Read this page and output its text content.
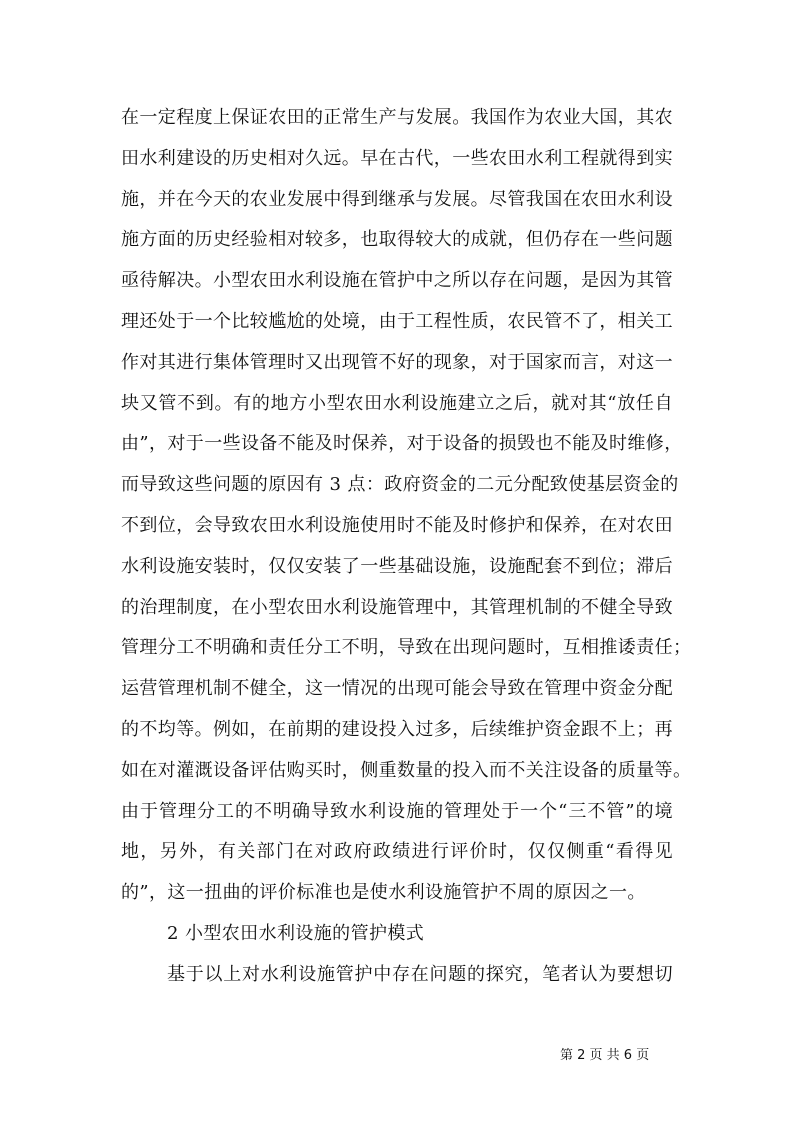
在一定程度上保证农田的正常生产与发展。我国作为农业大国，其农
田水利建设的历史相对久远。早在古代，一些农田水利工程就得到实
施，并在今天的农业发展中得到继承与发展。尽管我国在农田水利设
施方面的历史经验相对较多，也取得较大的成就，但仍存在一些问题
亟待解决。小型农田水利设施在管护中之所以存在问题，是因为其管
理还处于一个比较尴尬的处境，由于工程性质，农民管不了，相关工
作对其进行集体管理时又出现管不好的现象，对于国家而言，对这一
块又管不到。有的地方小型农田水利设施建立之后，就对其“放任自
由”，对于一些设备不能及时保养，对于设备的损毁也不能及时维修，
而导致这些问题的原因有 3 点：政府资金的二元分配致使基层资金的
不到位，会导致农田水利设施使用时不能及时修护和保养，在对农田
水利设施安装时，仅仅安装了一些基础设施，设施配套不到位；滞后
的治理制度，在小型农田水利设施管理中，其管理机制的不健全导致
管理分工不明确和责任分工不明，导致在出现问题时，互相推诿责任；
运营管理机制不健全，这一情况的出现可能会导致在管理中资金分配
的不均等。例如，在前期的建设投入过多，后续维护资金跟不上；再
如在对灌溉设备评估购买时，侧重数量的投入而不关注设备的质量等。
由于管理分工的不明确导致水利设施的管理处于一个“三不管”的境
地，另外，有关部门在对政府政绩进行评价时，仅仅侧重“看得见
的”，这一扭曲的评价标准也是使水利设施管护不周的原因之一。
2 小型农田水利设施的管护模式
基于以上对水利设施管护中存在问题的探究，笔者认为要想切
第 2 页 共 6 页
